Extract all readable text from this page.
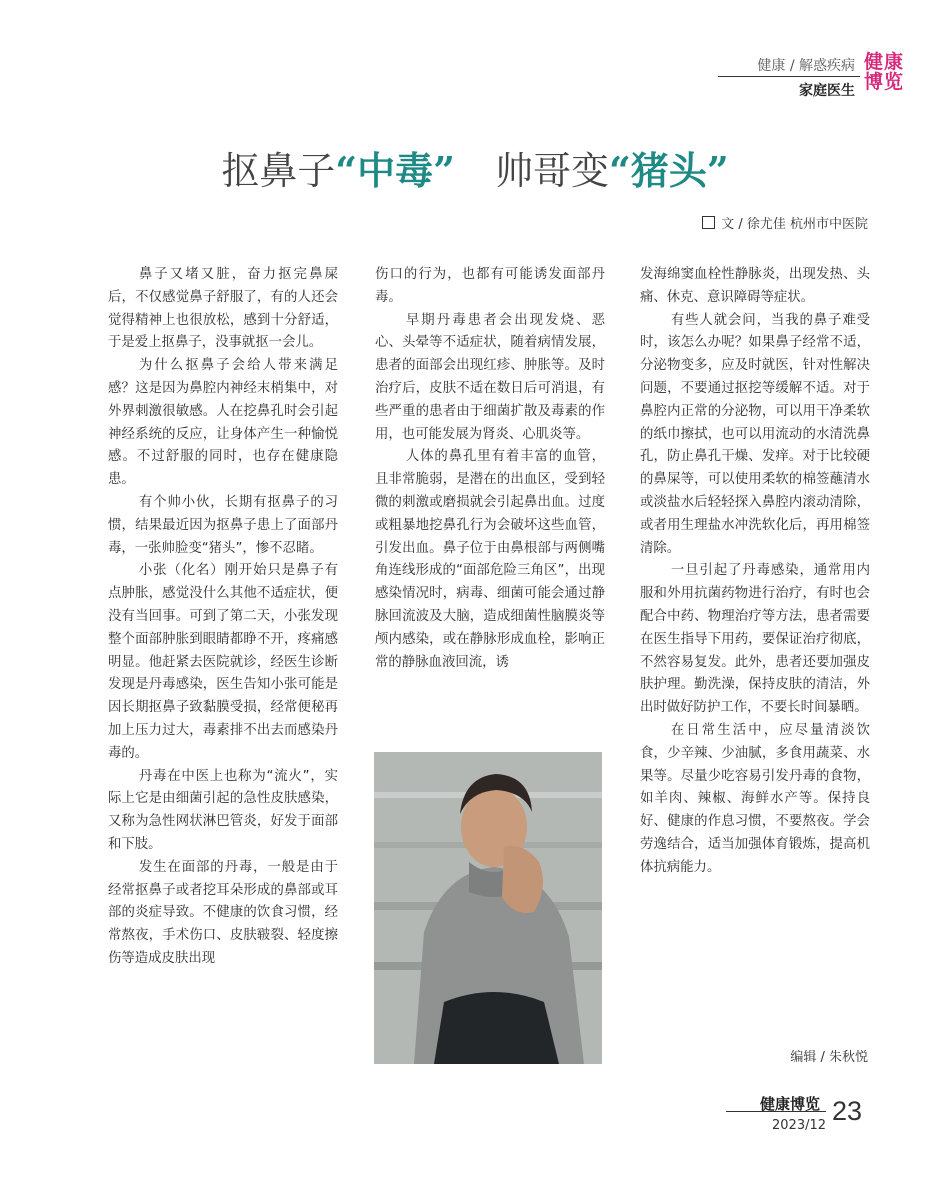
健康 / 解惑疾病
家庭医生
健康
博览
抠鼻子“中毒” 帅哥变“猪头”
文 / 徐尤佳 杭州市中医院

鼻子又堵又脏，奋力抠完鼻屎后，不仅感觉鼻子舒服了，有的人还会觉得精神上也很放松，感到十分舒适，于是爱上抠鼻子，没事就抠一会儿。

为什么抠鼻子会给人带来满足感？这是因为鼻腔内神经末梢集中，对外界刺激很敏感。人在挖鼻孔时会引起神经系统的反应，让身体产生一种愉悦感。不过舒服的同时，也存在健康隐患。

有个帅小伙，长期有抠鼻子的习惯，结果最近因为抠鼻子患上了面部丹毒，一张帅脸变“猪头”，惨不忍睹。

小张（化名）刚开始只是鼻子有点肿胀，感觉没什么其他不适症状，便没有当回事。可到了第二天，小张发现整个面部肿胀到眼睛都睁不开，疼痛感明显。他赶紧去医院就诊，经医生诊断发现是丹毒感染，医生告知小张可能是因长期抠鼻子致黏膜受损，经常便秘再加上压力过大，毒素排不出去而感染丹毒的。

丹毒在中医上也称为“流火”，实际上它是由细菌引起的急性皮肤感染，又称为急性网状淋巴管炎，好发于面部和下肢。

发生在面部的丹毒，一般是由于经常抠鼻子或者挖耳朵形成的鼻部或耳部的炎症导致。不健康的饮食习惯，经常熬夜，手术伤口、皮肤皲裂、轻度擦伤等造成皮肤出现

伤口的行为，也都有可能诱发面部丹毒。

早期丹毒患者会出现发烧、恶心、头晕等不适症状，随着病情发展，患者的面部会出现红疹、肿胀等。及时治疗后，皮肤不适在数日后可消退，有些严重的患者由于细菌扩散及毒素的作用，也可能发展为肾炎、心肌炎等。

人体的鼻孔里有着丰富的血管，且非常脆弱，是潜在的出血区，受到轻微的刺激或磨损就会引起鼻出血。过度或粗暴地挖鼻孔行为会破坏这些血管，引发出血。鼻子位于由鼻根部与两侧嘴角连线形成的“面部危险三角区”，出现感染情况时，病毒、细菌可能会通过静脉回流波及大脑，造成细菌性脑膜炎等颅内感染，或在静脉形成血栓，影响正常的静脉血液回流，诱

发海绵窦血栓性静脉炎，出现发热、头痛、休克、意识障碍等症状。

有些人就会问，当我的鼻子难受时，该怎么办呢？如果鼻子经常不适，分泌物变多，应及时就医，针对性解决问题，不要通过抠挖等缓解不适。对于鼻腔内正常的分泌物，可以用干净柔软的纸巾擦拭，也可以用流动的水清洗鼻孔，防止鼻孔干燥、发痒。对于比较硬的鼻屎等，可以使用柔软的棉签蘸清水或淡盐水后轻轻探入鼻腔内滚动清除，或者用生理盐水冲洗软化后，再用棉签清除。

一旦引起了丹毒感染，通常用内服和外用抗菌药物进行治疗，有时也会配合中药、物理治疗等方法，患者需要在医生指导下用药，要保证治疗彻底，不然容易复发。此外，患者还要加强皮肤护理。勤洗澡，保持皮肤的清洁，外出时做好防护工作，不要长时间暴晒。

在日常生活中，应尽量清淡饮食，少辛辣、少油腻，多食用蔬菜、水果等。尽量少吃容易引发丹毒的食物，如羊肉、辣椒、海鲜水产等。保持良好、健康的作息习惯，不要熬夜。学会劳逸结合，适当加强体育锻炼，提高机体抗病能力。

编辑 / 朱秋悦
健康博览
2023/12 23
